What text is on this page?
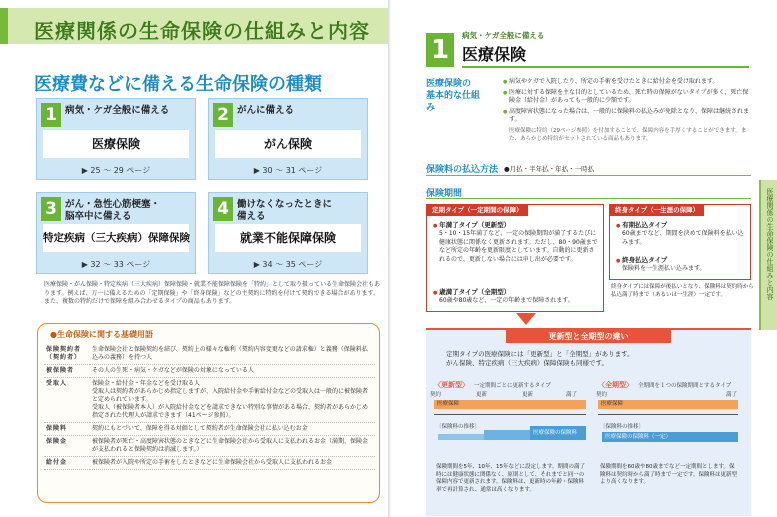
医療関係の生命保険の仕組みと内容
医療費などに備える生命保険の種類
1 病気・ケガ全般に備える
医療保険
▶ 25 〜 29 ページ
2 がんに備える
がん保険
▶ 30 〜 31 ページ
3 がん・急性心筋梗塞・
脳卒中に備える
特定疾病（三大疾病）保障保険
▶ 32 〜 33 ページ
4 働けなくなったときに
備える
就業不能保障保険
▶ 34 〜 35 ページ
医療保険・がん保険・特定疾病（三大疾病）保障保険・就業不能保障保険を「特約」として取り扱っている生命保険会社もあります。例えば、万一に備えるための「定期保険」や「終身保険」などの主契約に特約を付けて契約できる場合があります。また、複数の特約だけで保障を組み合わせるタイプの商品もあります。
●生命保険に関する基礎用語
保険契約者
（契約者）	生命保険会社と保険契約を結び、契約上の様々な権利（契約内容変更などの請求権）と義務（保険料払込みの義務）を持つ人
被保険者	その人の生死・病気・ケガなどが保険の対象になっている人
受取人	保険金・給付金・年金などを受け取る人
受取人は契約者があらかじめ指定しますが、入院給付金や手術給付金などの受取人は一般的に被保険者と定められています。
受取人（被保険者本人）が入院給付金などを請求できない特別な事情がある場合、契約者があらかじめ指定された代理人が請求できます（41ページ参照）。
保険料	契約にもとづいて、保障を得る対価として契約者が生命保険会社に払い込むお金
保険金	被保険者が死亡・高度障害状態のときなどに生命保険会社から受取人に支払われるお金（満期、保険金が支払われると保険契約は消滅します。）
給付金	被保険者が入院や所定の手術をしたときなどに生命保険会社から受取人に支払われるお金
1	病気・ケガ全般に備える
医療保険
医療保険の
基本的な仕組み
● 病気やケガで入院したり、所定の手術を受けたときに給付金を受け取れます。
● 医療に対する保障を主な目的としているため、死亡時の保障がないタイプが多く、死亡保険金（給付金）があっても一般的に少額です。
● 高度障害状態になった場合は、一般的に保険料の払込みが免除となり、保障は継続されます。
医療保険に特約（29ページ参照）を付加することで、保障内容を手厚くすることができます。また、あらかじめ特約がセットされている商品もあります。
保険料の払込方法 ●月払・半年払・年払・一時払
保険期間
定期タイプ（一定期間の保障）
● 年満了タイプ（更新型）
5・10・15年満了など、一定の保険期間が満了するたびに健康状態に関係なく更新されます。ただし、80・90歳までなど所定の年齢を更新限度としています。自動的に更新されるので、更新しない場合には申し出が必要です。
● 歳満了タイプ（全期型）
60歳や80歳など、一定の年齢まで保障されます。
終身タイプ（一生涯の保障）
● 有期払込タイプ
60歳までなど、期間を決めて保険料を払い込みます。
● 終身払込タイプ
保険料を一生涯払い込みます。
終身タイプには保障が後払いとなり、保険料は契約時から払込満了時まで（あるいは一生涯）一定です。
更新型と全期型の違い
定期タイプの医療保険には「更新型」と「全期型」があります。
がん保険、特定疾病（三大疾病）保障保険も同様です。
〈更新型〉 一定期間ごとに更新するタイプ
契約	更新	更新	満了
医療保障
〔保険料の推移〕
医療保険の保険料
保険期間を5年、10年、15年などに設定します。期間の満了時には健康状態に関係なく、原則として、それまでと同一の保障内容で更新されます。保険料は、更新時の年齢・保険料率で再計算され、通常は高くなります。
〈全期型〉 全期間を１つの保険期間とするタイプ
契約	満了
医療保障
〔保険料の推移〕
医療保険の保険料（一定）
保険期間を60歳や80歳までなど一定期間とします。保険料は契約時から満了時まで一定です。保険料は更新型より高くなります。
医療関係の生命保険の仕組みと内容
